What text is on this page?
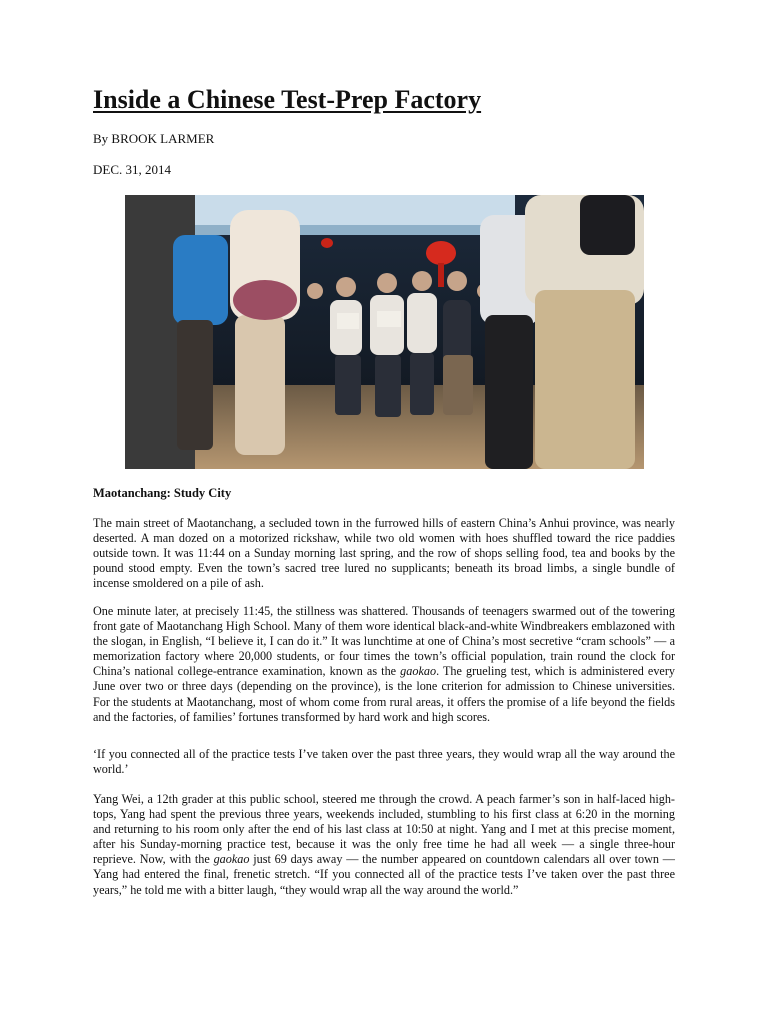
Inside a Chinese Test-Prep Factory
By BROOK LARMER
DEC. 31, 2014
Maotanchang: Study City

The main street of Maotanchang, a secluded town in the furrowed hills of eastern China’s Anhui province, was nearly deserted. A man dozed on a motorized rickshaw, while two old women with hoes shuffled toward the rice paddies outside town. It was 11:44 on a Sunday morning last spring, and the row of shops selling food, tea and books by the pound stood empty. Even the town’s sacred tree lured no supplicants; beneath its broad limbs, a single bundle of incense smoldered on a pile of ash.

One minute later, at precisely 11:45, the stillness was shattered. Thousands of teenagers swarmed out of the towering front gate of Maotanchang High School. Many of them wore identical black-and-white Windbreakers emblazoned with the slogan, in English, “I believe it, I can do it.” It was lunchtime at one of China’s most secretive “cram schools” — a memorization factory where 20,000 students, or four times the town’s official population, train round the clock for China’s national college-entrance examination, known as the gaokao. The grueling test, which is administered every June over two or three days (depending on the province), is the lone criterion for admission to Chinese universities. For the students at Maotanchang, most of whom come from rural areas, it offers the promise of a life beyond the fields and the factories, of families’ fortunes transformed by hard work and high scores.

‘If you connected all of the practice tests I’ve taken over the past three years, they would wrap all the way around the world.’

Yang Wei, a 12th grader at this public school, steered me through the crowd. A peach farmer’s son in half-laced high-tops, Yang had spent the previous three years, weekends included, stumbling to his first class at 6:20 in the morning and returning to his room only after the end of his last class at 10:50 at night. Yang and I met at this precise moment, after his Sunday-morning practice test, because it was the only free time he had all week — a single three-hour reprieve. Now, with the gaokao just 69 days away — the number appeared on countdown calendars all over town — Yang had entered the final, frenetic stretch. “If you connected all of the practice tests I’ve taken over the past three years,” he told me with a bitter laugh, “they would wrap all the way around the world.”
